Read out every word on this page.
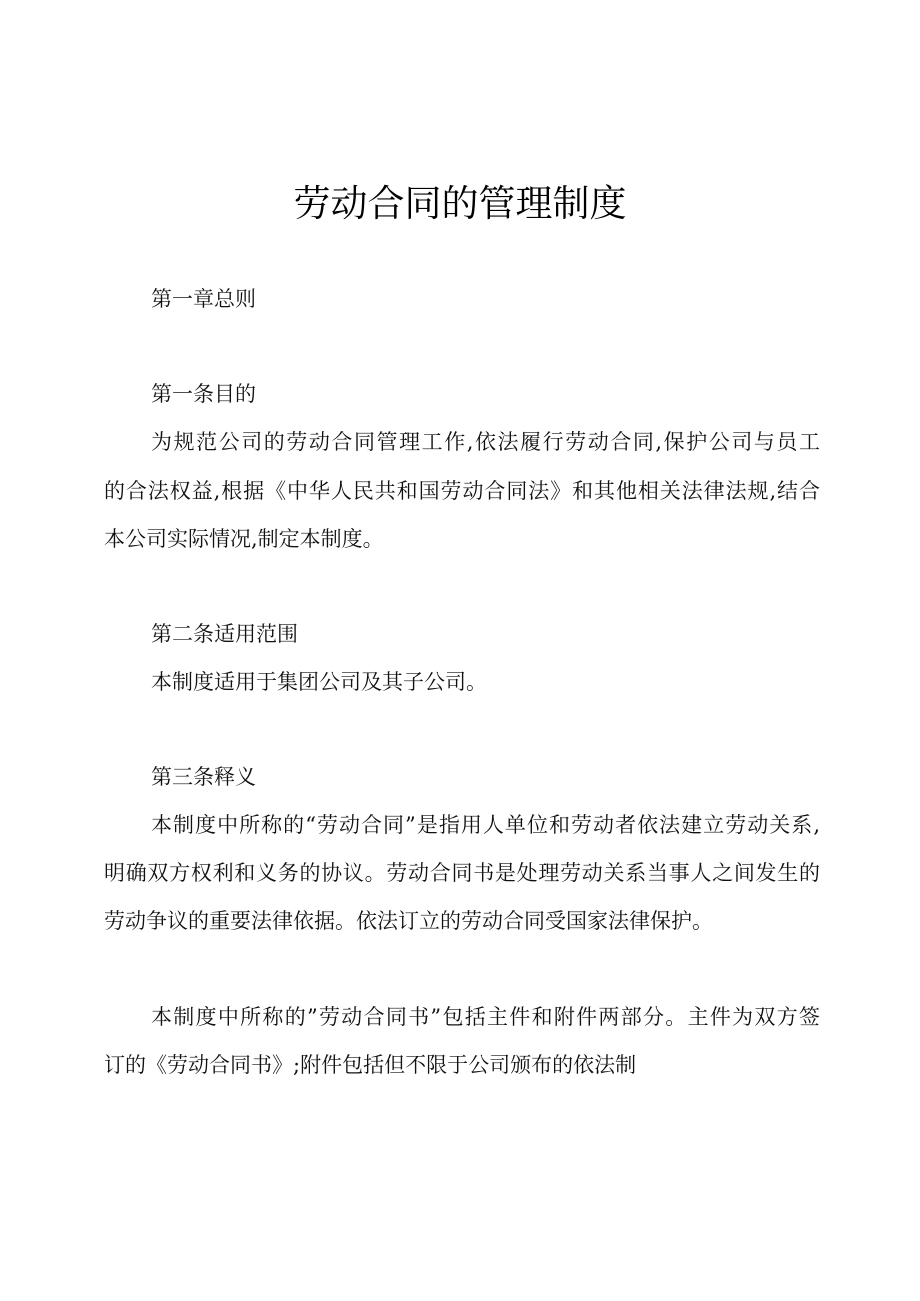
劳动合同的管理制度
第一章总则
第一条目的
为规范公司的劳动合同管理工作,依法履行劳动合同,保护公司与员工
的合法权益,根据《中华人民共和国劳动合同法》和其他相关法律法规,结合
本公司实际情况,制定本制度。
第二条适用范围
本制度适用于集团公司及其子公司。
第三条释义
本制度中所称的“劳动合同”是指用人单位和劳动者依法建立劳动关系,
明确双方权利和义务的协议。劳动合同书是处理劳动关系当事人之间发生的
劳动争议的重要法律依据。依法订立的劳动合同受国家法律保护。
本制度中所称的”劳动合同书”包括主件和附件两部分。主件为双方签
订的《劳动合同书》;附件包括但不限于公司颁布的依法制
